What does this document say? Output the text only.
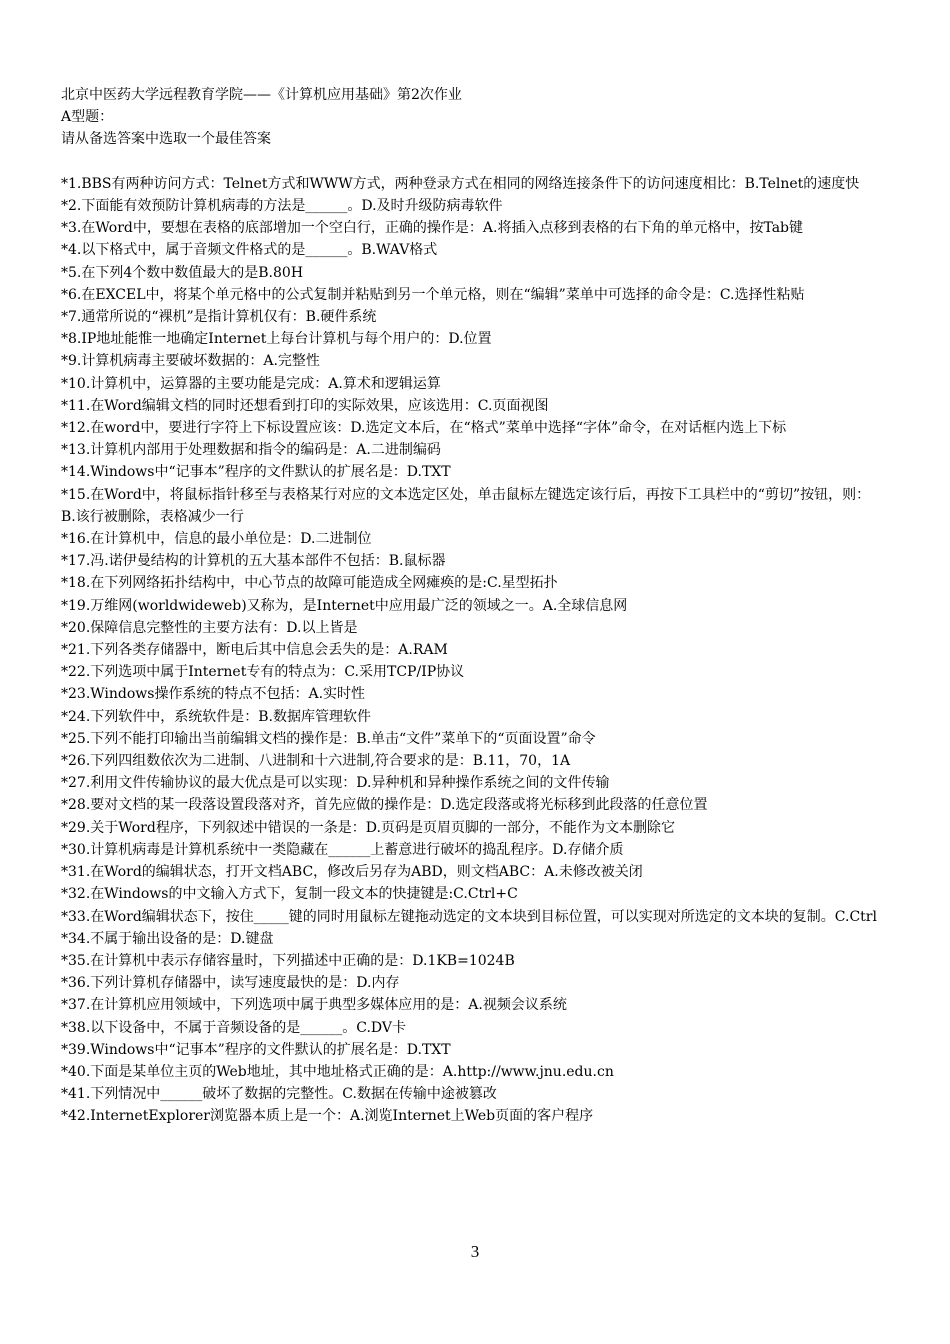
北京中医药大学远程教育学院——《计算机应用基础》第2次作业
A型题：
请从备选答案中选取一个最佳答案
*1.BBS有两种访问方式：Telnet方式和WWW方式，两种登录方式在相同的网络连接条件下的访问速度相比：B.Telnet的速度快
*2.下面能有效预防计算机病毒的方法是______。D.及时升级防病毒软件
*3.在Word中，要想在表格的底部增加一个空白行，正确的操作是：A.将插入点移到表格的右下角的单元格中，按Tab键
*4.以下格式中，属于音频文件格式的是______。B.WAV格式
*5.在下列4个数中数值最大的是B.80H
*6.在EXCEL中，将某个单元格中的公式复制并粘贴到另一个单元格，则在“编辑”菜单中可选择的命令是：C.选择性粘贴
*7.通常所说的“裸机”是指计算机仅有：B.硬件系统
*8.IP地址能惟一地确定Internet上每台计算机与每个用户的：D.位置
*9.计算机病毒主要破坏数据的：A.完整性
*10.计算机中，运算器的主要功能是完成：A.算术和逻辑运算
*11.在Word编辑文档的同时还想看到打印的实际效果，应该选用：C.页面视图
*12.在word中，要进行字符上下标设置应该：D.选定文本后，在“格式”菜单中选择“字体”命令，在对话框内选上下标
*13.计算机内部用于处理数据和指令的编码是：A.二进制编码
*14.Windows中“记事本”程序的文件默认的扩展名是：D.TXT
*15.在Word中，将鼠标指针移至与表格某行对应的文本选定区处，单击鼠标左键选定该行后，再按下工具栏中的“剪切”按钮，则：B.该行被删除，表格减少一行
*16.在计算机中，信息的最小单位是：D.二进制位
*17.冯.诺伊曼结构的计算机的五大基本部件不包括：B.鼠标器
*18.在下列网络拓扑结构中，中心节点的故障可能造成全网瘫痪的是:C.星型拓扑
*19.万维网(worldwideweb)又称为，是Internet中应用最广泛的领域之一。A.全球信息网
*20.保障信息完整性的主要方法有：D.以上皆是
*21.下列各类存储器中，断电后其中信息会丢失的是：A.RAM
*22.下列选项中属于Internet专有的特点为：C.采用TCP/IP协议
*23.Windows操作系统的特点不包括：A.实时性
*24.下列软件中，系统软件是：B.数据库管理软件
*25.下列不能打印输出当前编辑文档的操作是：B.单击“文件”菜单下的“页面设置”命令
*26.下列四组数依次为二进制、八进制和十六进制,符合要求的是：B.11，70，1A
*27.利用文件传输协议的最大优点是可以实现：D.异种机和异种操作系统之间的文件传输
*28.要对文档的某一段落设置段落对齐，首先应做的操作是：D.选定段落或将光标移到此段落的任意位置
*29.关于Word程序，下列叙述中错误的一条是：D.页码是页眉页脚的一部分，不能作为文本删除它
*30.计算机病毒是计算机系统中一类隐藏在______上蓄意进行破坏的捣乱程序。D.存储介质
*31.在Word的编辑状态，打开文档ABC，修改后另存为ABD，则文档ABC：A.未修改被关闭
*32.在Windows的中文输入方式下，复制一段文本的快捷键是:C.Ctrl+C
*33.在Word编辑状态下，按住_____键的同时用鼠标左键拖动选定的文本块到目标位置，可以实现对所选定的文本块的复制。C.Ctrl
*34.不属于输出设备的是：D.键盘
*35.在计算机中表示存储容量时，下列描述中正确的是：D.1KB=1024B
*36.下列计算机存储器中，读写速度最快的是：D.内存
*37.在计算机应用领域中，下列选项中属于典型多媒体应用的是：A.视频会议系统
*38.以下设备中，不属于音频设备的是______。C.DV卡
*39.Windows中“记事本”程序的文件默认的扩展名是：D.TXT
*40.下面是某单位主页的Web地址，其中地址格式正确的是：A.http://www.jnu.edu.cn
*41.下列情况中______破坏了数据的完整性。C.数据在传输中途被篡改
*42.InternetExplorer浏览器本质上是一个：A.浏览Internet上Web页面的客户程序
3
